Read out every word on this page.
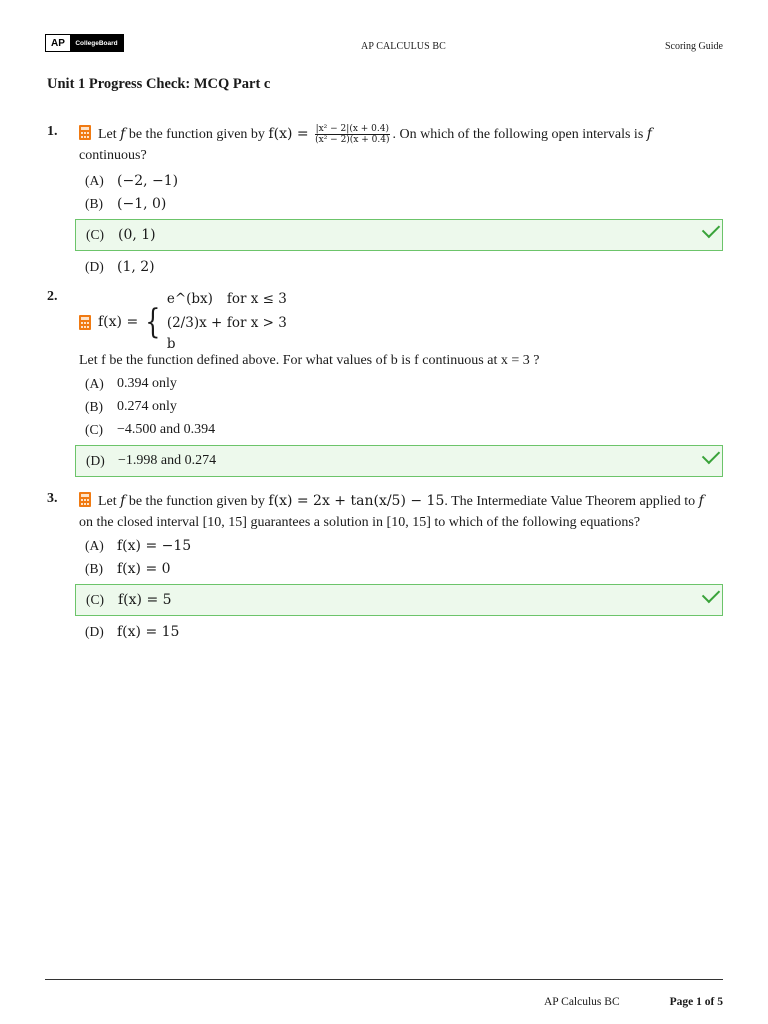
AP	CollegeBoard	AP CALCULUS BC	Scoring Guide
Unit 1 Progress Check: MCQ Part c
1.	Let f be the function given by $f(x) = \frac{\text{|x² − 2|(x + 0.4)}}{\text{(x² − 2)(x + 0.4)}}$ . On which of the following open intervals is f
continuous?
(A) (−2, −1)
(B)	(−1, 0)
(C)	(0, 1)
(D) (1, 2)
2.
f(x) = {
e^(bx)	for x ≤ 3
(2/3)x + b
for x > 3
Let f be the function defined above. For what values of b is f continuous at x = 3 ?
(A) 0.394 only
(B)	0.274 only
(C)	−4.500 and 0.394
(D) −1.998 and 0.274
3.	Let f be the function given by f(x) = 2x + tan(x/5) − 15. The Intermediate Value Theorem applied to f
on the closed interval [10, 15] guarantees a solution in [10, 15] to which of the following equations?
(A) f(x) = −15
(B)	f(x) = 0
(C)	f(x) = 5
(D) f(x) = 15
AP Calculus BC	Page 1 of 5
